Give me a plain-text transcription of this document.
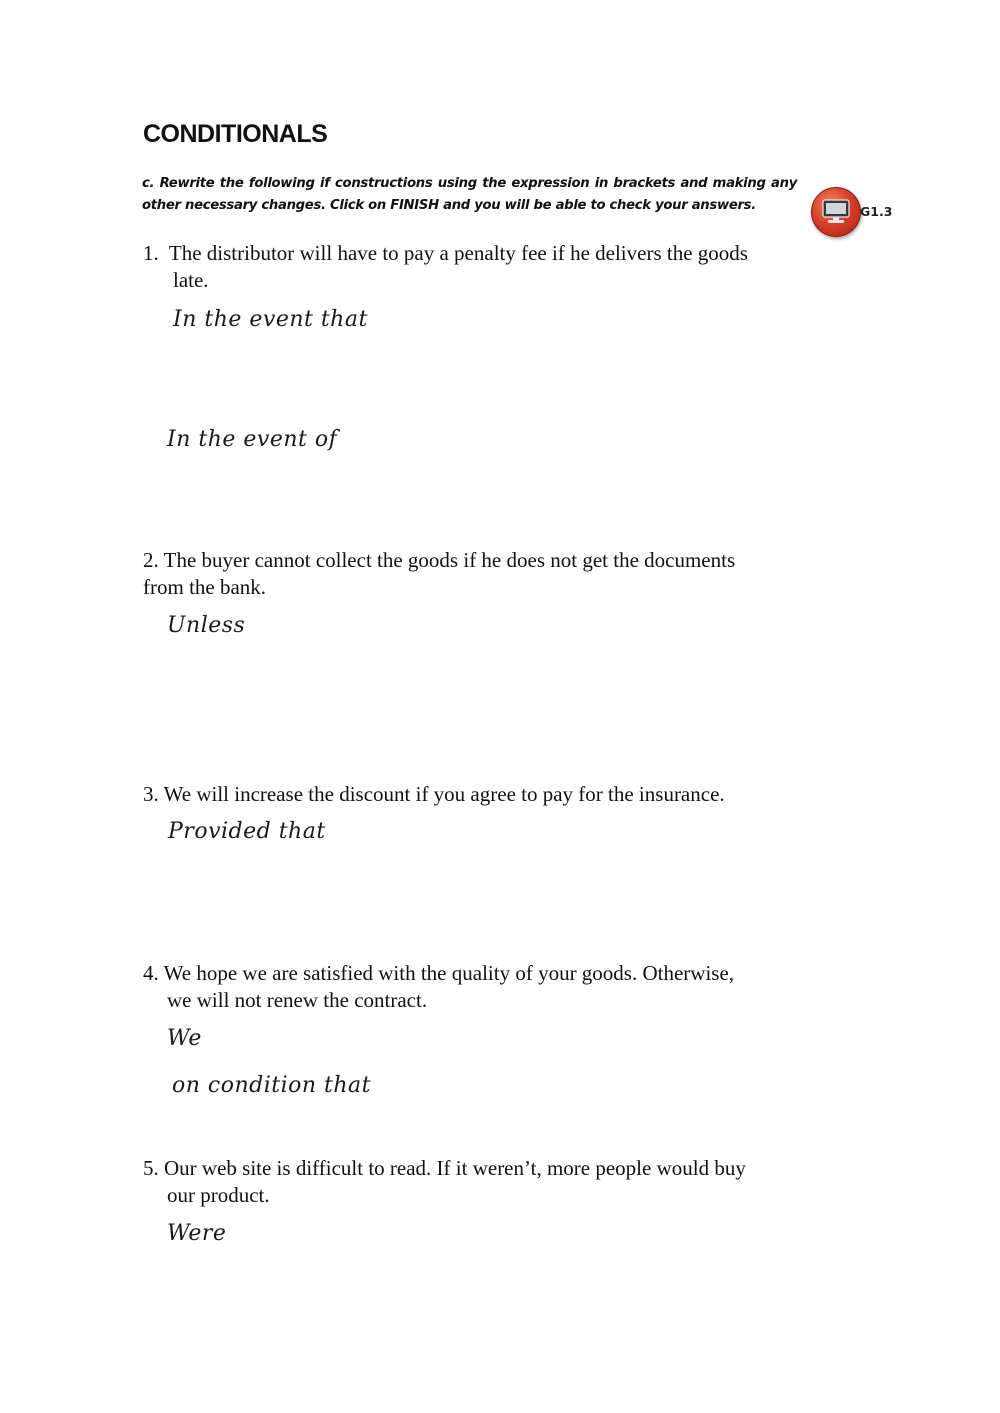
CONDITIONALS
c. Rewrite the following if constructions using the expression in brackets and making any other necessary changes. Click on FINISH and you will be able to check your answers.	G1.3
1. The distributor will have to pay a penalty fee if he delivers the goods
late.
In the event that
In the event of
2. The buyer cannot collect the goods if he does not get the documents
from the bank.
Unless
3. We will increase the discount if you agree to pay for the insurance.
Provided that
4. We hope we are satisfied with the quality of your goods. Otherwise,
we will not renew the contract.
We
on condition that
5. Our web site is difficult to read. If it weren’t, more people would buy
our product.
Were
